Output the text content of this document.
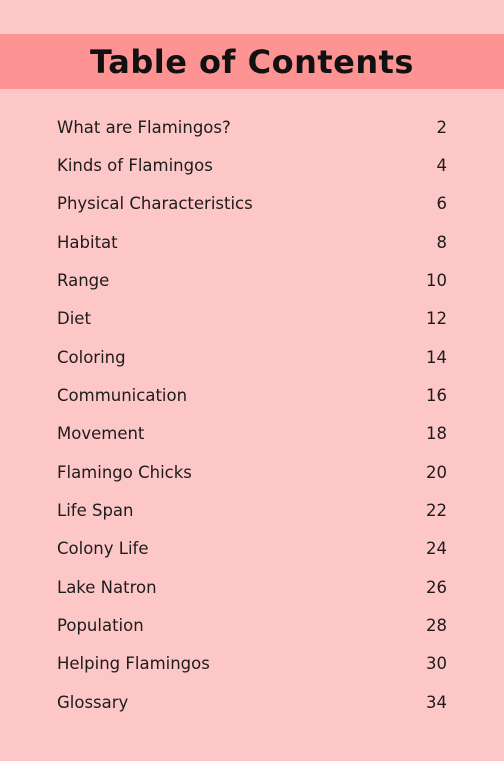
Table of Contents
What are Flamingos?	2
Kinds of Flamingos	4
Physical Characteristics	6
Habitat	8
Range	10
Diet	12
Coloring	14
Communication	16
Movement	18
Flamingo Chicks	20
Life Span	22
Colony Life	24
Lake Natron	26
Population	28
Helping Flamingos	30
Glossary	34
